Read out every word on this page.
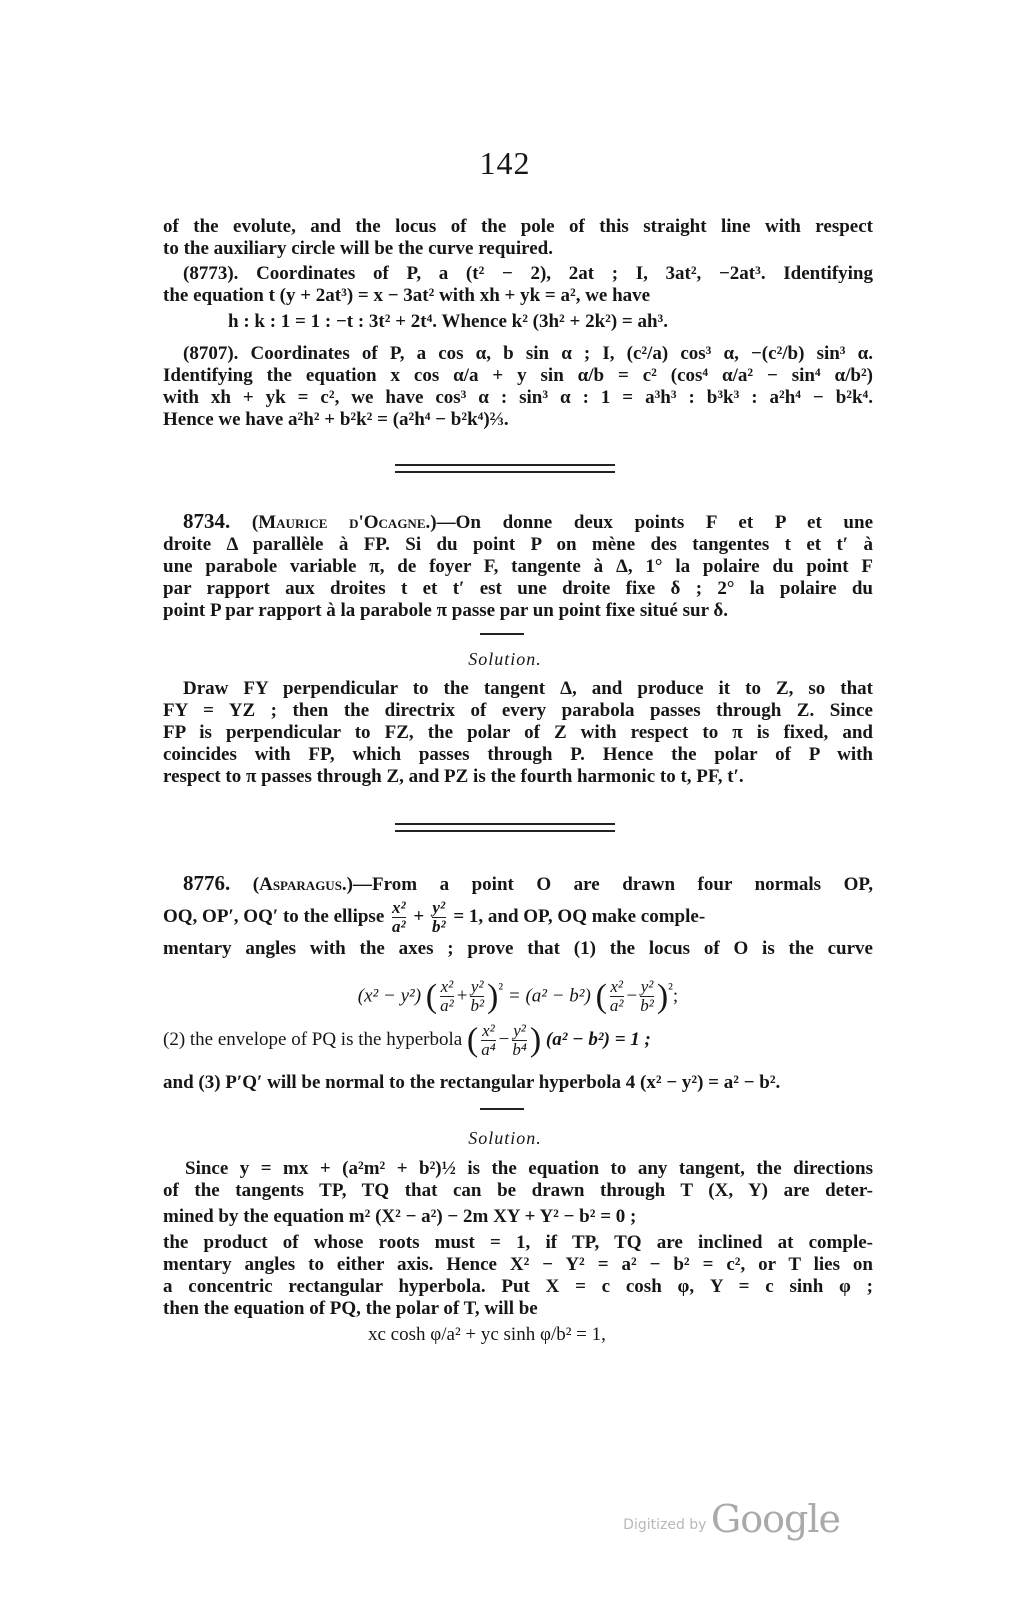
142
of the evolute, and the locus of the pole of this straight line with respect
to the auxiliary circle will be the curve required.
(8773). Coordinates of P, a (t² − 2), 2at ; I, 3at², −2at³. Identifying
the equation t (y + 2at³) = x − 3at² with xh + yk = a², we have
h : k : 1 = 1 : −t : 3t² + 2t⁴. Whence k² (3h² + 2k²) = ah³.
(8707). Coordinates of P, a cos α, b sin α ; I, (c²/a) cos³ α, −(c²/b) sin³ α.
Identifying the equation x cos α/a + y sin α/b = c² (cos⁴ α/a² − sin⁴ α/b²)
with xh + yk = c², we have cos³ α : sin³ α : 1 = a³h³ : b³k³ : a²h⁴ − b²k⁴.
Hence we have a²h² + b²k² = (a²h⁴ − b²k⁴)⅔.
8734. (Maurice d'Ocagne.)—On donne deux points F et P et une
droite Δ parallèle à FP. Si du point P on mène des tangentes t et t′ à
une parabole variable π, de foyer F, tangente à Δ, 1° la polaire du point F
par rapport aux droites t et t′ est une droite fixe δ ; 2° la polaire du
point P par rapport à la parabole π passe par un point fixe situé sur δ.
Solution.
Draw FY perpendicular to the tangent Δ, and produce it to Z, so that
FY = YZ ; then the directrix of every parabola passes through Z. Since
FP is perpendicular to FZ, the polar of Z with respect to π is fixed, and
coincides with FP, which passes through P. Hence the polar of P with
respect to π passes through Z, and PZ is the fourth harmonic to t, PF, t′.
8776. (Asparagus.)—From a point O are drawn four normals OP,
OQ, OP′, OQ′ to the ellipse $\frac{\text{x²}}{\text{a²}} + \frac{\text{y²}}{\text{b²}} = 1$, and OP, OQ make comple-
mentary angles with the axes ; prove that (1) the locus of O is the curve
(x² − y²) ( $\frac{\text{x²}}{\text{a²}} + \frac{\text{y²}}{\text{b²}} )^{^2} = (a^2 - b^2)$ ( $\frac{\text{x²}}{\text{a²}} - \frac{\text{y²}}{\text{b²}} )^{^2}$;
(2) the envelope of PQ is the hyperbola ( $\frac{\text{x²}}{\text{a⁴}} - \frac{\text{y²}}{\text{b⁴}}$ ) (a² − b²) = 1 ;
and (3) P′Q′ will be normal to the rectangular hyperbola 4 (x² − y²) = a² − b².
Solution.
Since y = mx + (a²m² + b²)½ is the equation to any tangent, the directions
of the tangents TP, TQ that can be drawn through T (X, Y) are deter-
mined by the equation m² (X² − a²) − 2m XY + Y² − b² = 0 ;
the product of whose roots must = 1, if TP, TQ are inclined at comple-
mentary angles to either axis. Hence X² − Y² = a² − b² = c², or T lies on
a concentric rectangular hyperbola. Put X = c cosh φ, Y = c sinh φ ;
then the equation of PQ, the polar of T, will be
xc cosh φ/a² + yc sinh φ/b² = 1,
Digitized by Google
